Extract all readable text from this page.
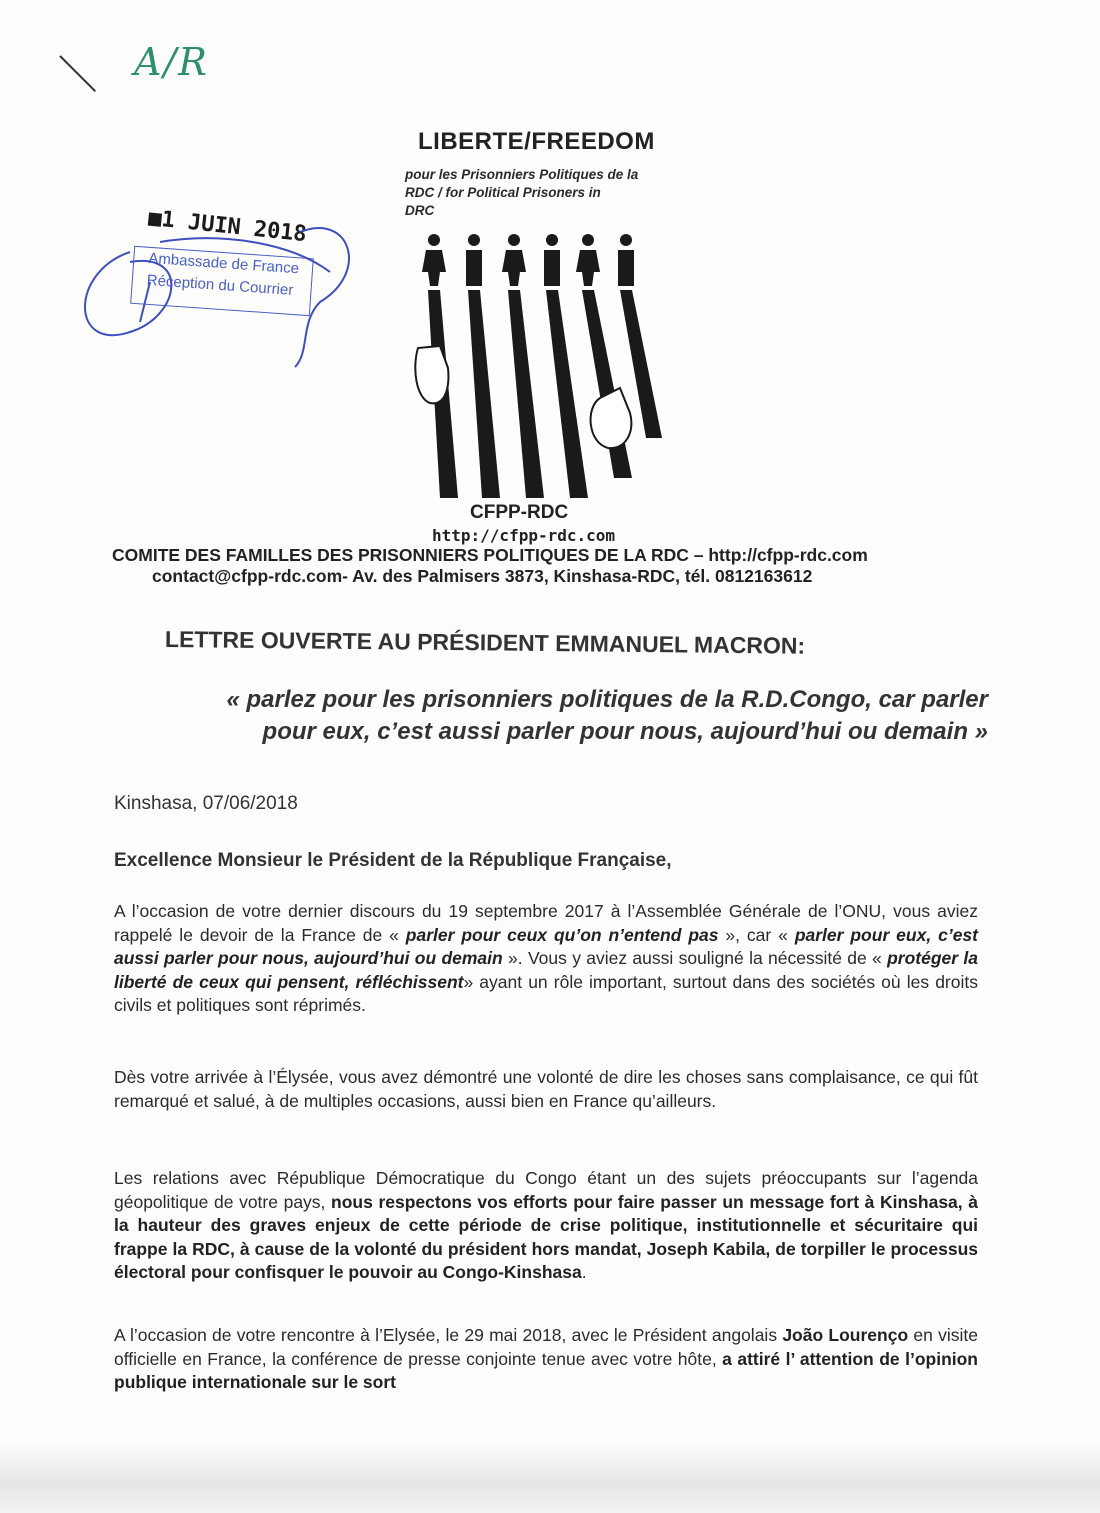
A/R
■1 JUIN 2018
Ambassade de France
Réception du Courrier
LIBERTE/FREEDOM
pour les Prisonniers Politiques de la
RDC / for Political Prisoners in
DRC
CFPP-RDC
http://cfpp-rdc.com
COMITE DES FAMILLES DES PRISONNIERS POLITIQUES DE LA RDC – http://cfpp-rdc.com
contact@cfpp-rdc.com- Av. des Palmisers 3873, Kinshasa-RDC, tél. 0812163612
LETTRE OUVERTE AU PRÉSIDENT EMMANUEL MACRON:
« parlez pour les prisonniers politiques de la R.D.Congo, car parler
pour eux, c’est aussi parler pour nous, aujourd’hui ou demain »
Kinshasa, 07/06/2018
Excellence Monsieur le Président de la République Française,
A l’occasion de votre dernier discours du 19 septembre 2017 à l’Assemblée Générale de l’ONU, vous aviez rappelé le devoir de la France de « parler pour ceux qu’on n’entend pas », car « parler pour eux, c’est aussi parler pour nous, aujourd’hui ou demain ». Vous y aviez aussi souligné la nécessité de « protéger la liberté de ceux qui pensent, réfléchissent» ayant un rôle important, surtout dans des sociétés où les droits civils et politiques sont réprimés.
Dès votre arrivée à l’Élysée, vous avez démontré une volonté de dire les choses sans complaisance, ce qui fût remarqué et salué, à de multiples occasions, aussi bien en France qu’ailleurs.
Les relations avec République Démocratique du Congo étant un des sujets préoccupants sur l’agenda géopolitique de votre pays, nous respectons vos efforts pour faire passer un message fort à Kinshasa, à la hauteur des graves enjeux de cette période de crise politique, institutionnelle et sécuritaire qui frappe la RDC, à cause de la volonté du président hors mandat, Joseph Kabila, de torpiller le processus électoral pour confisquer le pouvoir au Congo-Kinshasa.
A l’occasion de votre rencontre à l’Elysée, le 29 mai 2018, avec le Président angolais João Lourenço en visite officielle en France, la conférence de presse conjointe tenue avec votre hôte, a attiré l’ attention de l’opinion publique internationale sur le sort
